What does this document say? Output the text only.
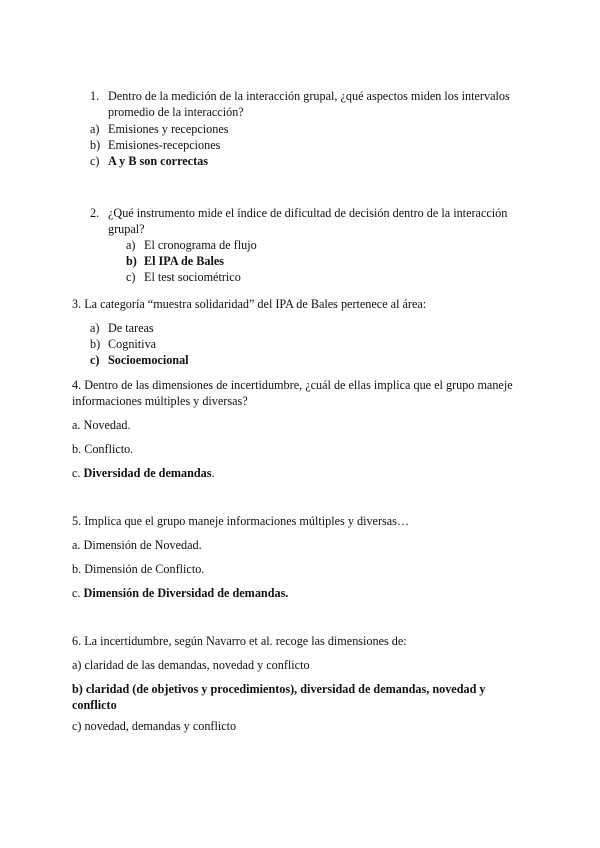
1. Dentro de la medición de la interacción grupal, ¿qué aspectos miden los intervalos
promedio de la interacción?
a) Emisiones y recepciones
b) Emisiones-recepciones
c) A y B son correctas
2. ¿Qué instrumento mide el índice de dificultad de decisión dentro de la interacción
grupal?
a) El cronograma de flujo
b) El IPA de Bales
c) El test sociométrico
3. La categoría “muestra solidaridad” del IPA de Bales pertenece al área:
a) De tareas
b) Cognitiva
c) Socioemocional
4. Dentro de las dimensiones de incertidumbre, ¿cuál de ellas implica que el grupo maneje
informaciones múltiples y diversas?
a. Novedad.
b. Conflicto.
c. Diversidad de demandas.
5. Implica que el grupo maneje informaciones múltiples y diversas…
a. Dimensión de Novedad.
b. Dimensión de Conflicto.
c. Dimensión de Diversidad de demandas.
6. La incertidumbre, según Navarro et al. recoge las dimensiones de:
a) claridad de las demandas, novedad y conflicto
b) claridad (de objetivos y procedimientos), diversidad de demandas, novedad y
conflicto
c) novedad, demandas y conflicto
